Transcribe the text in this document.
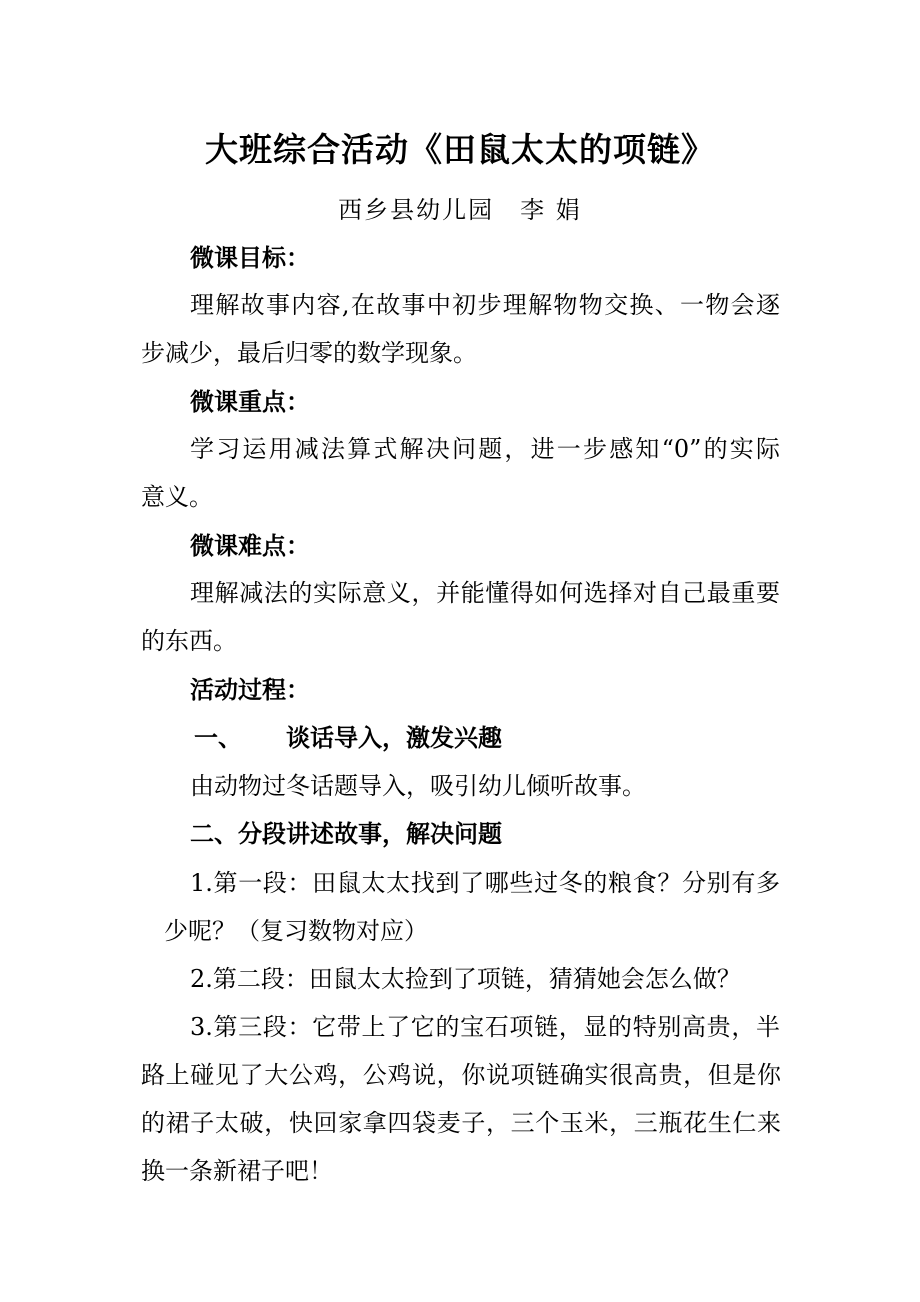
大班综合活动《田鼠太太的项链》
西乡县幼儿园 李 娟

微课目标：

理解故事内容,在故事中初步理解物物交换、一物会逐

步减少，最后归零的数学现象。

微课重点：

学习运用减法算式解决问题，进一步感知“0”的实际

意义。

微课难点：

理解减法的实际意义，并能懂得如何选择对自己最重要

的东西。

活动过程：

一、 谈话导入，激发兴趣

由动物过冬话题导入，吸引幼儿倾听故事。

二、分段讲述故事，解决问题

1.第一段：田鼠太太找到了哪些过冬的粮食？分别有多

少呢？（复习数物对应）

2.第二段：田鼠太太捡到了项链，猜猜她会怎么做？

3.第三段：它带上了它的宝石项链，显的特别高贵，半

路上碰见了大公鸡，公鸡说，你说项链确实很高贵，但是你

的裙子太破，快回家拿四袋麦子，三个玉米，三瓶花生仁来

换一条新裙子吧！
